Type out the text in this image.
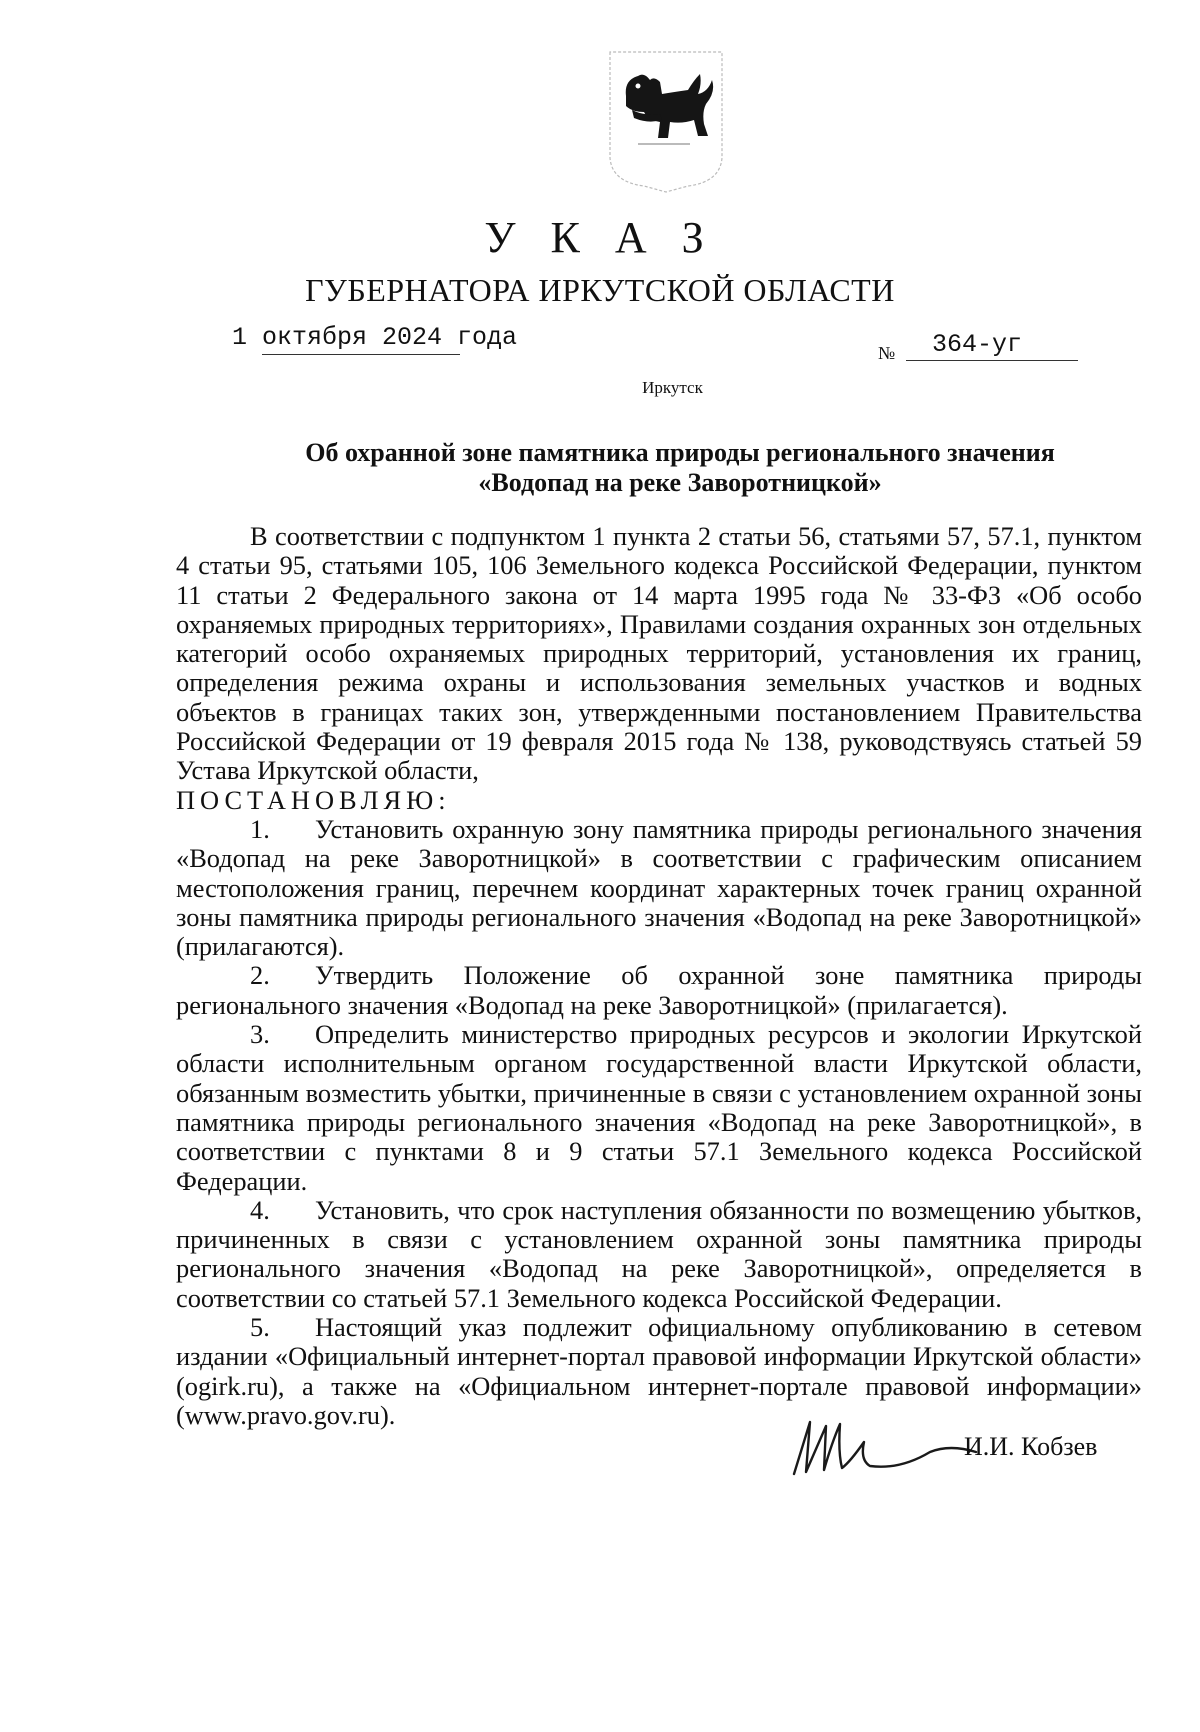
У К А З
ГУБЕРНАТОРА ИРКУТСКОЙ ОБЛАСТИ
1 октября 2024 года
№ 364-уг
Иркутск
Об охранной зоне памятника природы регионального значения
«Водопад на реке Заворотницкой»

В соответствии с подпунктом 1 пункта 2 статьи 56, статьями 57, 57.1, пунктом 4 статьи 95, статьями 105, 106 Земельного кодекса Российской Федерации, пунктом 11 статьи 2 Федерального закона от 14 марта 1995 года № 33-ФЗ «Об особо охраняемых природных территориях», Правилами создания охранных зон отдельных категорий особо охраняемых природных территорий, установления их границ, определения режима охраны и использования земельных участков и водных объектов в границах таких зон, утвержденными постановлением Правительства Российской Федерации от 19 февраля 2015 года № 138, руководствуясь статьей 59 Устава Иркутской области,

ПОСТАНОВЛЯЮ:

1. Установить охранную зону памятника природы регионального значения «Водопад на реке Заворотницкой» в соответствии с графическим описанием местоположения границ, перечнем координат характерных точек границ охранной зоны памятника природы регионального значения «Водопад на реке Заворотницкой» (прилагаются).

2. Утвердить Положение об охранной зоне памятника природы регионального значения «Водопад на реке Заворотницкой» (прилагается).

3. Определить министерство природных ресурсов и экологии Иркутской области исполнительным органом государственной власти Иркутской области, обязанным возместить убытки, причиненные в связи с установлением охранной зоны памятника природы регионального значения «Водопад на реке Заворотницкой», в соответствии с пунктами 8 и 9 статьи 57.1 Земельного кодекса Российской Федерации.

4. Установить, что срок наступления обязанности по возмещению убытков, причиненных в связи с установлением охранной зоны памятника природы регионального значения «Водопад на реке Заворотницкой», определяется в соответствии со статьей 57.1 Земельного кодекса Российской Федерации.

5. Настоящий указ подлежит официальному опубликованию в сетевом издании «Официальный интернет-портал правовой информации Иркутской области» (ogirk.ru), а также на «Официальном интернет-портале правовой информации» (www.pravo.gov.ru).

И.И. Кобзев
